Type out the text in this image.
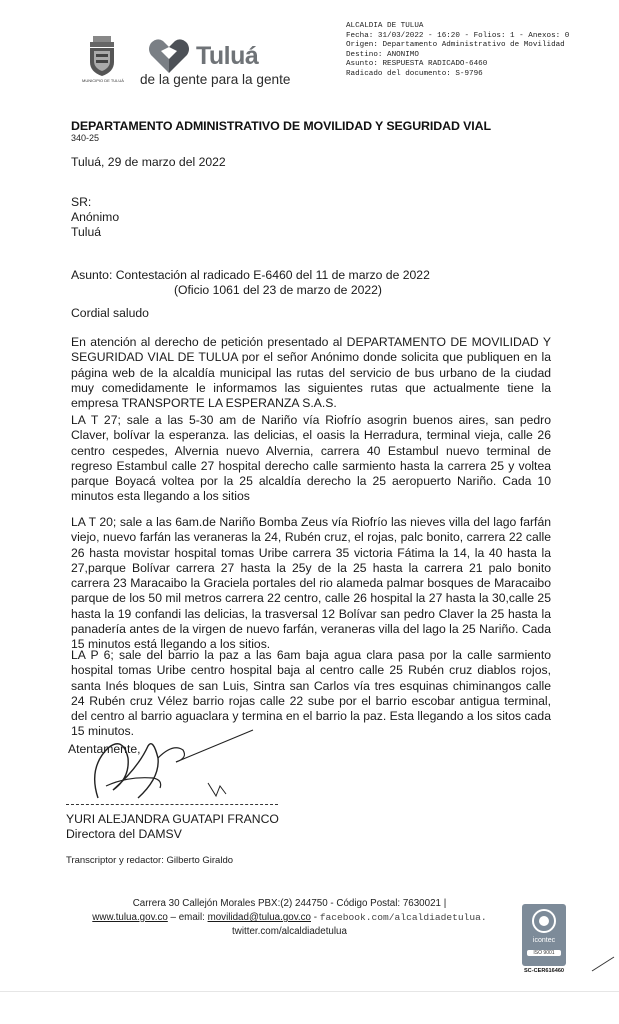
ALCALDIA DE TULUA
Fecha: 31/03/2022 - 16:20 - Folios: 1 - Anexos: 0
Origen: Departamento Administrativo de Movilidad
Destino: ANONIMO
Asunto: RESPUESTA RADICADO-6460
Radicado del documento: S-9796
MUNICIPIO DE TULUÁ
Tuluá
de la gente para la gente
DEPARTAMENTO ADMINISTRATIVO DE MOVILIDAD Y SEGURIDAD VIAL
340-25
Tuluá, 29 de marzo del 2022
SR:
Anónimo
Tuluá
Asunto: Contestación al radicado E-6460 del 11 de marzo de 2022
(Oficio 1061 del 23 de marzo de 2022)
Cordial saludo
En atención al derecho de petición presentado al DEPARTAMENTO DE MOVILIDAD Y SEGURIDAD VIAL DE TULUA por el señor Anónimo donde solicita que publiquen en la página web de la alcaldía municipal las rutas del servicio de bus urbano de la ciudad muy comedidamente le informamos las siguientes rutas que actualmente tiene la empresa TRANSPORTE LA ESPERANZA S.A.S.
LA T 27; sale a las 5-30 am de Nariño vía Riofrío asogrin buenos aires, san pedro Claver, bolívar la esperanza. las delicias, el oasis la Herradura, terminal vieja, calle 26 centro cespedes, Alvernia nuevo Alvernia, carrera 40 Estambul nuevo terminal de regreso Estambul calle 27 hospital derecho calle sarmiento hasta la carrera 25 y voltea parque Boyacá voltea por la 25 alcaldía derecho la 25 aeropuerto Nariño. Cada 10 minutos esta llegando a los sitios
LA T 20; sale a las 6am.de Nariño Bomba Zeus vía Riofrío las nieves villa del lago farfán viejo, nuevo farfán las veraneras la 24, Rubén cruz, el rojas, palc bonito, carrera 22 calle 26 hasta movistar hospital tomas Uribe carrera 35 victoria Fátima la 14, la 40 hasta la 27,parque Bolívar carrera 27 hasta la 25y de la 25 hasta la carrera 21 palo bonito carrera 23 Maracaibo la Graciela portales del rio alameda palmar bosques de Maracaibo parque de los 50 mil metros carrera 22 centro, calle 26 hospital la 27 hasta la 30,calle 25 hasta la 19 confandi las delicias, la trasversal 12 Bolívar san pedro Claver la 25 hasta la panadería antes de la virgen de nuevo farfán, veraneras villa del lago la 25 Nariño. Cada 15 minutos está llegando a los sitios.
LA P 6; sale del barrio la paz a las 6am baja agua clara pasa por la calle sarmiento hospital tomas Uribe centro hospital baja al centro calle 25 Rubén cruz diablos rojos, santa Inés bloques de san Luis, Sintra san Carlos vía tres esquinas chiminangos calle 24 Rubén cruz Vélez barrio rojas calle 22 sube por el barrio escobar antigua terminal, del centro al barrio aguaclara y termina en el barrio la paz. Esta llegando a los sitos cada 15 minutos.
Atentamente,
YURI ALEJANDRA GUATAPI FRANCO
Directora del DAMSV
Transcriptor y redactor: Gilberto Giraldo
Carrera 30 Callejón Morales PBX:(2) 244750 - Código Postal: 7630021 |
www.tulua.gov.co – email: movilidad@tulua.gov.co - facebook.com/alcaldiadetulua.
twitter.com/alcaldiadetulua
icontec
ISO 9001
SC-CER616460
